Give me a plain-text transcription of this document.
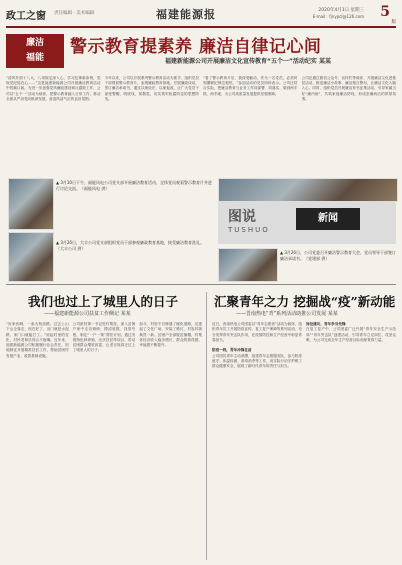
政工之窗 责任编辑 · 美术编辑	福建能源报	2020年4月1日 星期三
E-mail：fjnypcl@126.com 5
版
廉洁
福能
警示教育提素养 廉洁自律记心间
福建新能源公司开展廉洁文化宣传教育“五个一”活动纪实 某某
“清风扑面十八大，八项规定深入心，学习纪律新条例，党规党纪铭在心……”这是福建新能源公司开展廉洁教育活动中的顺口溜。为进一步加强党风廉政建设和反腐败工作，公司以“五个一”活动为载体，把警示教育融入日常工作，推动全面从严治党向纵深发展，营造风清气正的良好氛围。
今年以来，公司以开展系列警示教育活动为抓手，组织党员干部观看警示教育片，参观廉政教育基地，开展廉政谈话，签订廉洁承诺书，通过以案说法、以案促改，让广大党员干部受警醒、明底线、知敬畏，切实筑牢拒腐防变的思想防线。
“看了警示教育片后，我深受触动，作为一名党员，必须时刻绷紧纪律这根弦。”参加活动的党员纷纷表示。公司还结合实际，把廉洁教育与业务工作同部署、同落实，做到两手抓、两手硬，为公司高质量发展提供坚强保障。
公司还通过微信公众号、宣传栏等载体，开展廉洁文化进基层活动，推送廉洁小故事、廉洁格言警句，让廉洁文化入脑入心。同时，组织党员开展廉洁家书征集活动，引导家属当好“廉内助”，共筑家庭廉洁防线，形成崇廉尚洁的浓厚氛围。
▲ 3月10日下午，福能风电公司党支部开展廉洁教育活动，全体党员观看警示教育片并进行讨论交流。（福能风电 供）
▲ 3月26日，大丰公司党支部组织党员干部参观廉政教育基地，接受廉洁教育洗礼。（大丰公司 供）
▲ 3月26日，公司党委召开廉洁警示教育大会，党员领导干部签订廉洁承诺书。（党建部 供）
图说
TUSHUO
新闻
我们也过上了城里人的日子
——福建新能源公司扶贫工作侧记 某某
“好家伙啊，一条大柏油路，过去上山下山全靠走，现在好了，出门就是水泥路，家门口就能打工。”说起村里的变化，村民老林乐得合不拢嘴。近年来，福建新能源公司积极履行社会责任，因地制宜开展精准扶贫工作，帮助贫困村发展产业、改善基础设施。
公司派驻第一书记驻村帮扶，深入贫困户家中走访调研，摸清底数，找准穷根，制定“一户一策”帮扶计划。通过发展特色种养殖、光伏扶贫等项目，带动贫困群众增收致富，让老百姓真正过上了城里人的日子。
如今，村里不仅修通了硬化道路，还建起了文化广场、安装了路灯，村容村貌焕然一新。贫困户全部脱贫摘帽，村集体经济收入稳步增长，群众的获得感、幸福感不断提升。
汇聚青年之力 挖掘战“疫”新动能
——晋南热电“青”系列活动助推公司发展 某某
近日，晋南热电公司团委以“青年志愿者”活动为载体，组织青年员工开展防疫宣传、复工复产保障等系列活动，充分发挥青年突击队作用，在疫情防控和生产经营中彰显青春担当。

防疫一线，青年冲锋在前
公司团员青年主动请缨，组建青年志愿服务队，参与防疫值守、体温检测、消毒消杀等工作，用实际行动守护职工群众健康安全，展现了新时代青年的责任与担当。
岗位建功，青年争当先锋
在复工复产中，公司团委广泛开展“青年安全生产示范岗”“青年突击队”创建活动，引导青年立足岗位、攻坚克难，为公司完成全年生产经营目标贡献青春力量。
